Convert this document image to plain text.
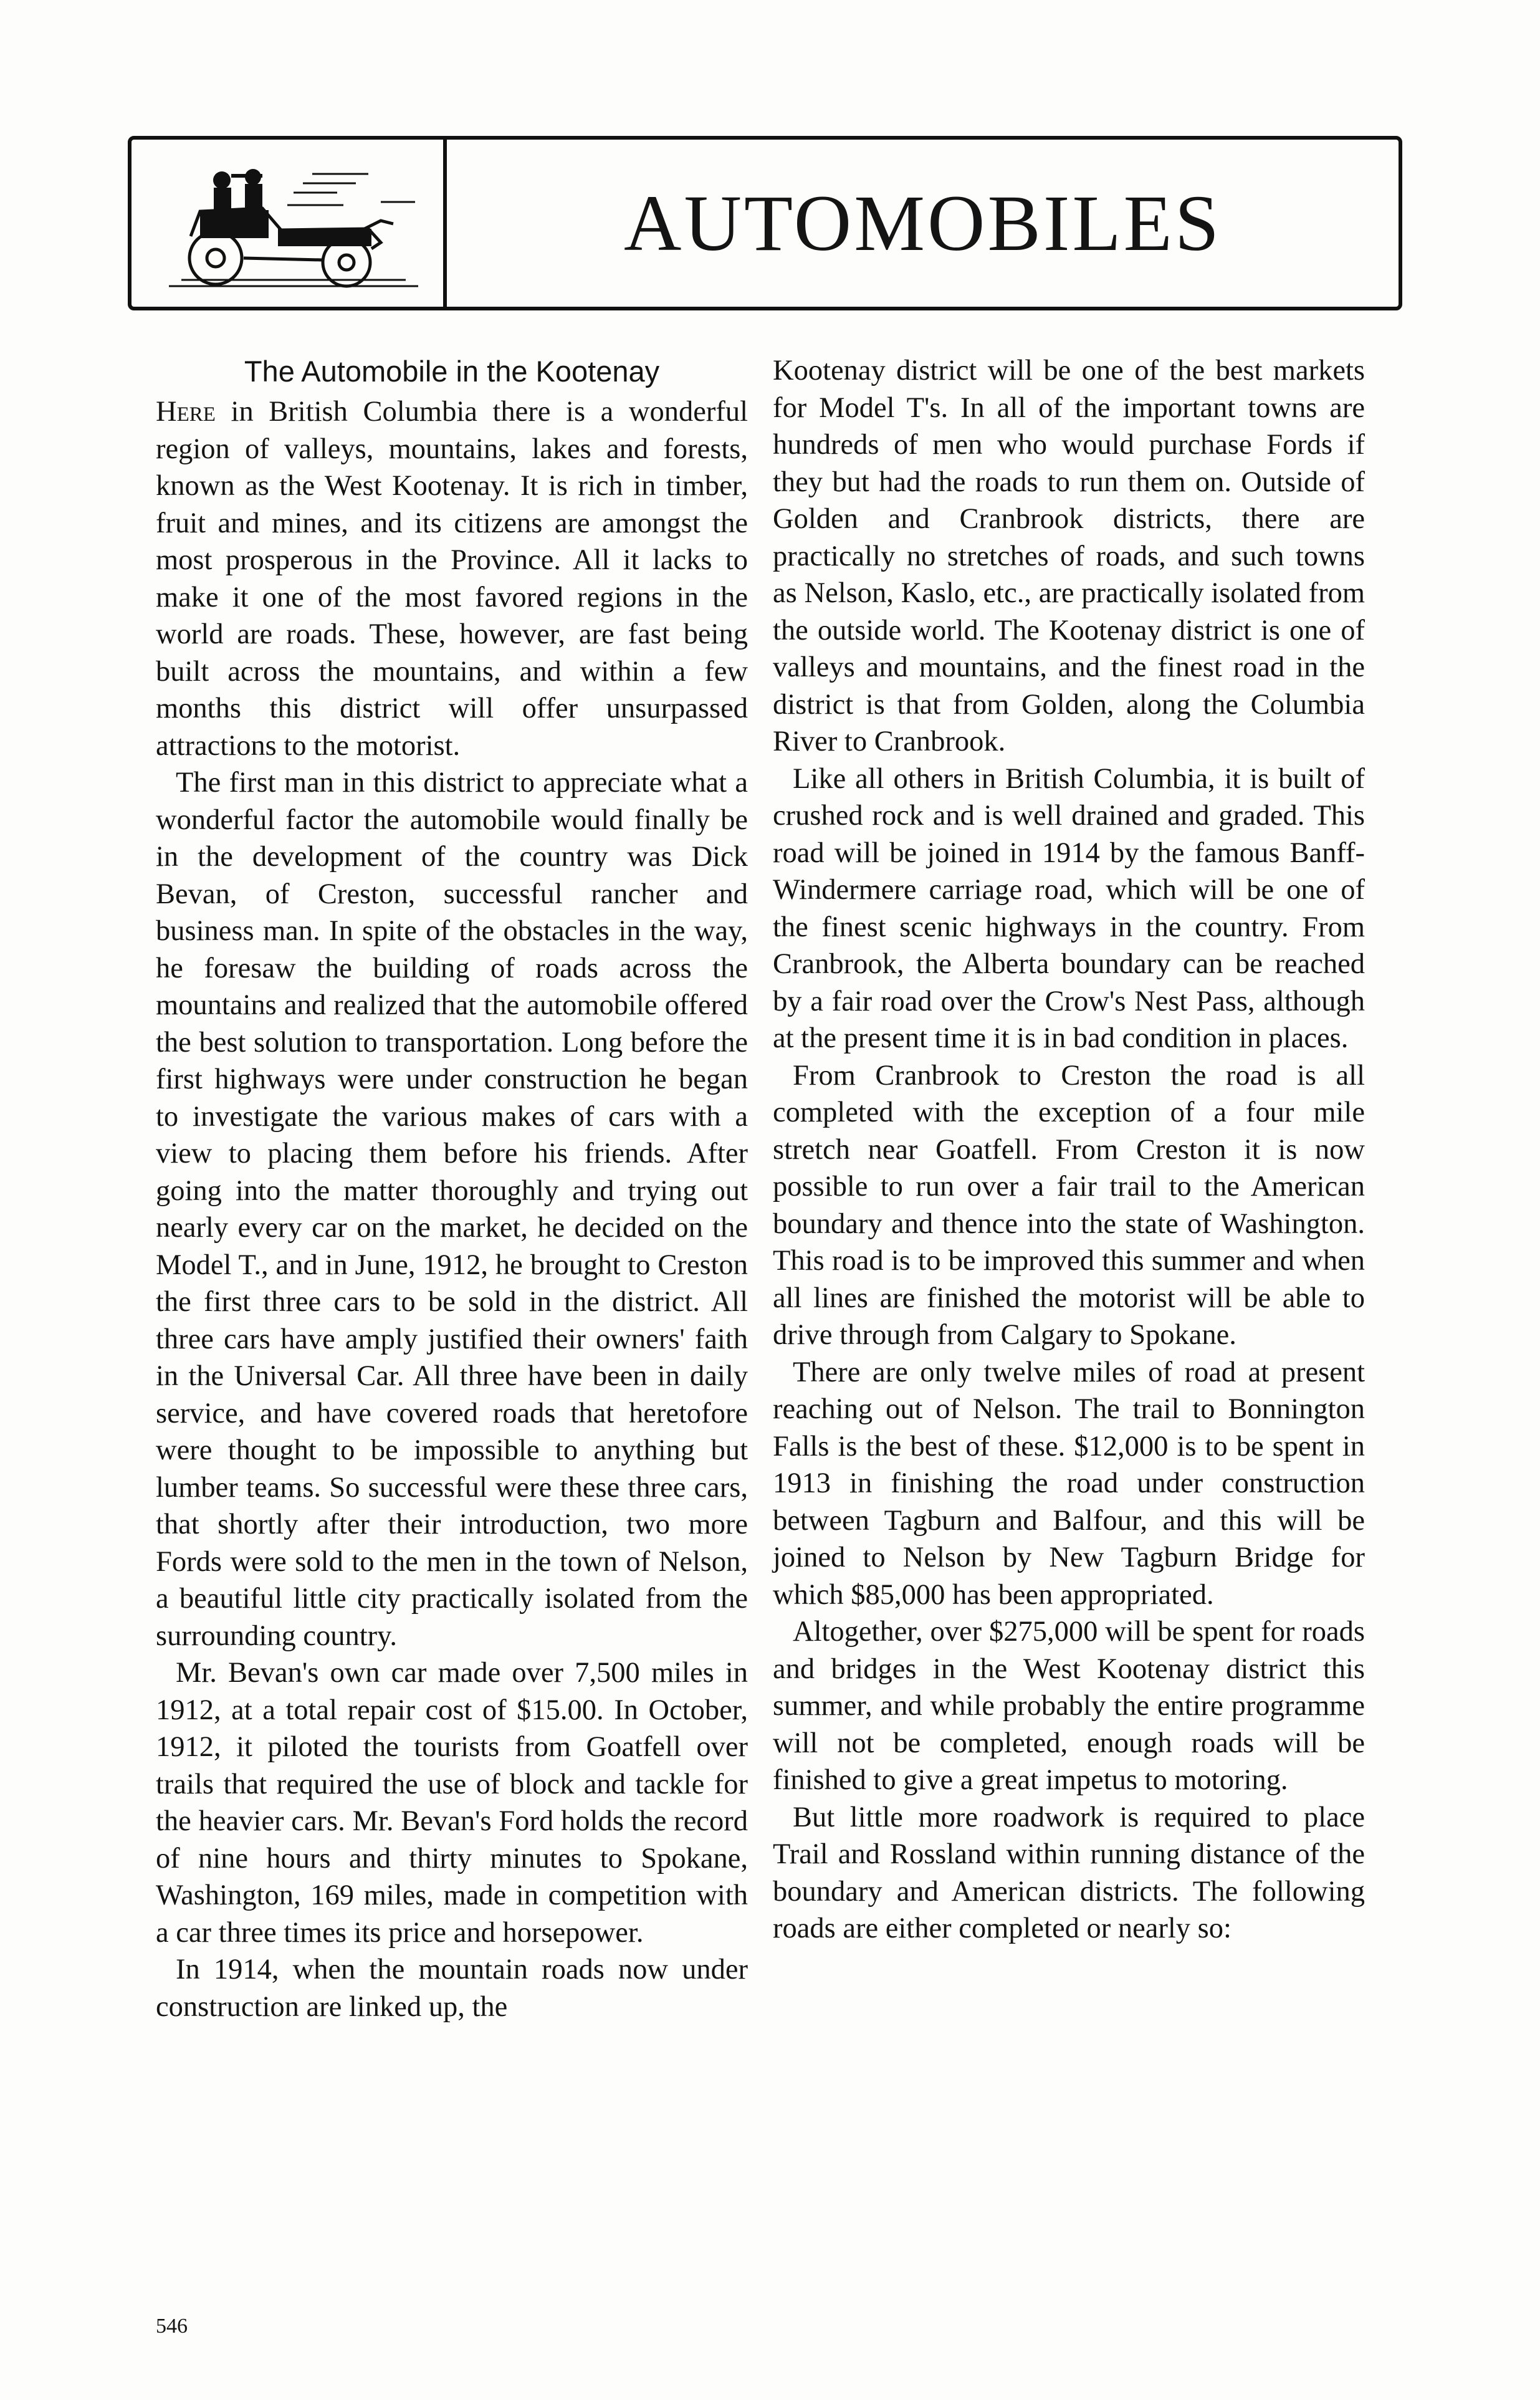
AUTOMOBILES
The Automobile in the Kootenay

Here in British Columbia there is a wonderful region of valleys, mountains, lakes and forests, known as the West Kootenay. It is rich in timber, fruit and mines, and its citizens are amongst the most prosperous in the Province. All it lacks to make it one of the most favored regions in the world are roads. These, however, are fast being built across the mountains, and within a few months this district will offer unsurpassed attractions to the motorist.

The first man in this district to appreciate what a wonderful factor the automobile would finally be in the development of the country was Dick Bevan, of Creston, successful rancher and business man. In spite of the obstacles in the way, he foresaw the building of roads across the mountains and realized that the automobile offered the best solution to transportation. Long before the first highways were under construction he began to investigate the various makes of cars with a view to placing them before his friends. After going into the matter thoroughly and trying out nearly every car on the market, he decided on the Model T., and in June, 1912, he brought to Creston the first three cars to be sold in the district. All three cars have amply justified their owners' faith in the Universal Car. All three have been in daily service, and have covered roads that heretofore were thought to be impossible to anything but lumber teams. So successful were these three cars, that shortly after their introduction, two more Fords were sold to the men in the town of Nelson, a beautiful little city practically isolated from the surrounding country.

Mr. Bevan's own car made over 7,500 miles in 1912, at a total repair cost of $15.00. In October, 1912, it piloted the tourists from Goatfell over trails that required the use of block and tackle for the heavier cars. Mr. Bevan's Ford holds the record of nine hours and thirty minutes to Spokane, Washington, 169 miles, made in competition with a car three times its price and horsepower.

In 1914, when the mountain roads now under construction are linked up, the

Kootenay district will be one of the best markets for Model T's. In all of the important towns are hundreds of men who would purchase Fords if they but had the roads to run them on. Outside of Golden and Cranbrook districts, there are practically no stretches of roads, and such towns as Nelson, Kaslo, etc., are practically isolated from the outside world. The Kootenay district is one of valleys and mountains, and the finest road in the district is that from Golden, along the Columbia River to Cranbrook.

Like all others in British Columbia, it is built of crushed rock and is well drained and graded. This road will be joined in 1914 by the famous Banff-Windermere carriage road, which will be one of the finest scenic highways in the country. From Cranbrook, the Alberta boundary can be reached by a fair road over the Crow's Nest Pass, although at the present time it is in bad condition in places.

From Cranbrook to Creston the road is all completed with the exception of a four mile stretch near Goatfell. From Creston it is now possible to run over a fair trail to the American boundary and thence into the state of Washington. This road is to be improved this summer and when all lines are finished the motorist will be able to drive through from Calgary to Spokane.

There are only twelve miles of road at present reaching out of Nelson. The trail to Bonnington Falls is the best of these. $12,000 is to be spent in 1913 in finishing the road under construction between Tagburn and Balfour, and this will be joined to Nelson by New Tagburn Bridge for which $85,000 has been appropriated.

Altogether, over $275,000 will be spent for roads and bridges in the West Kootenay district this summer, and while probably the entire programme will not be completed, enough roads will be finished to give a great impetus to motoring.

But little more roadwork is required to place Trail and Rossland within running distance of the boundary and American districts. The following roads are either completed or nearly so:

546
